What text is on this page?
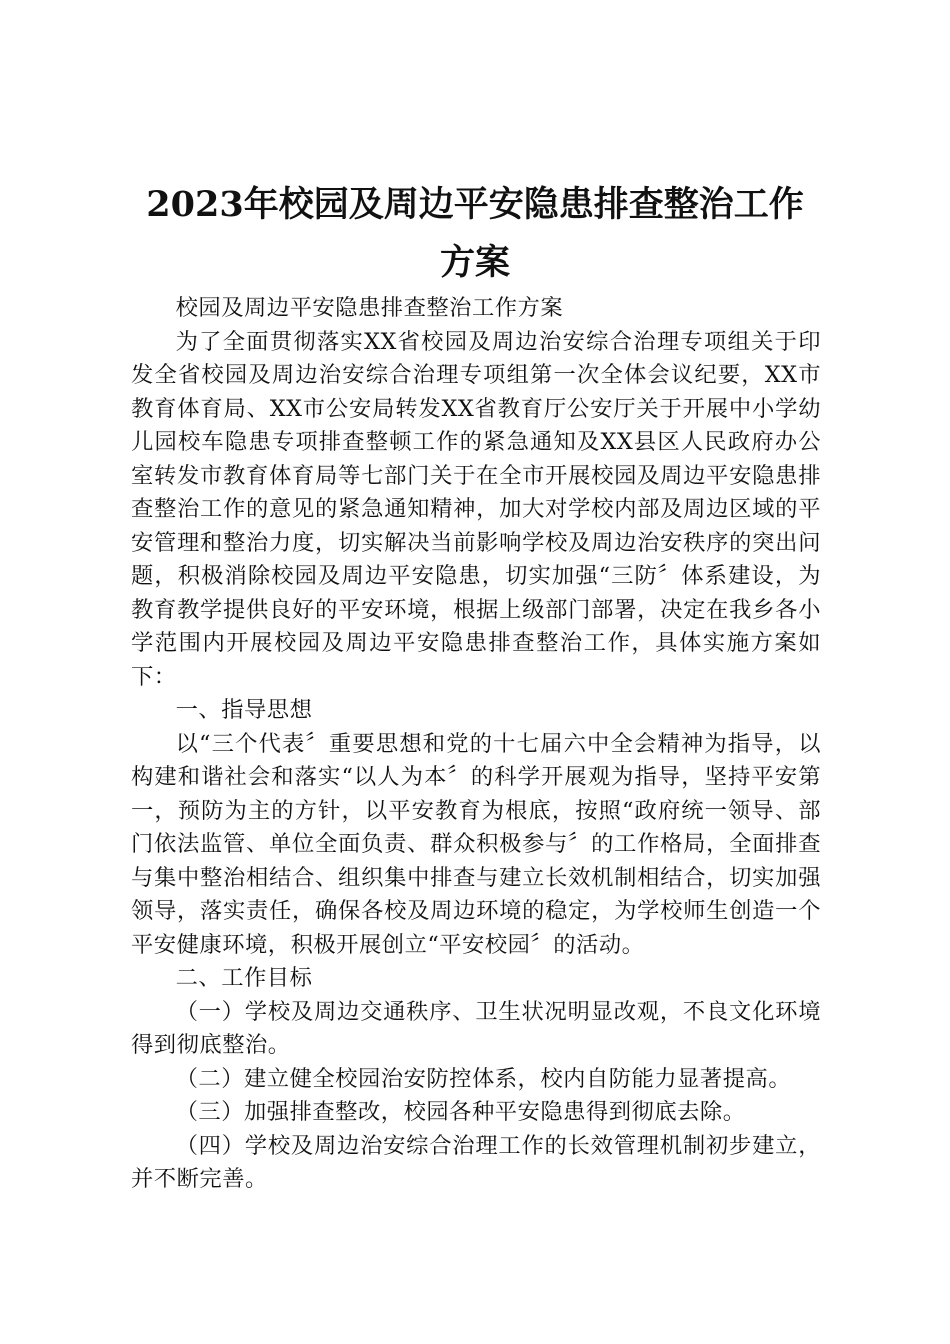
2023年校园及周边平安隐患排查整治工作方案

校园及周边平安隐患排查整治工作方案

为了全面贯彻落实XX省校园及周边治安综合治理专项组关于印发全省校园及周边治安综合治理专项组第一次全体会议纪要，XX市教育体育局、XX市公安局转发XX省教育厅公安厅关于开展中小学幼儿园校车隐患专项排查整顿工作的紧急通知及XX县区人民政府办公室转发市教育体育局等七部门关于在全市开展校园及周边平安隐患排查整治工作的意见的紧急通知精神，加大对学校内部及周边区域的平安管理和整治力度，切实解决当前影响学校及周边治安秩序的突出问题，积极消除校园及周边平安隐患，切实加强“三防〞体系建设，为教育教学提供良好的平安环境，根据上级部门部署，决定在我乡各小学范围内开展校园及周边平安隐患排查整治工作，具体实施方案如下：

一、指导思想

以“三个代表〞重要思想和党的十七届六中全会精神为指导，以构建和谐社会和落实“以人为本〞的科学开展观为指导，坚持平安第一，预防为主的方针，以平安教育为根底，按照“政府统一领导、部门依法监管、单位全面负责、群众积极参与〞的工作格局，全面排查与集中整治相结合、组织集中排查与建立长效机制相结合，切实加强领导，落实责任，确保各校及周边环境的稳定，为学校师生创造一个平安健康环境，积极开展创立“平安校园〞的活动。

二、工作目标

（一）学校及周边交通秩序、卫生状况明显改观，不良文化环境得到彻底整治。

（二）建立健全校园治安防控体系，校内自防能力显著提高。

（三）加强排查整改，校园各种平安隐患得到彻底去除。

（四）学校及周边治安综合治理工作的长效管理机制初步建立，并不断完善。
